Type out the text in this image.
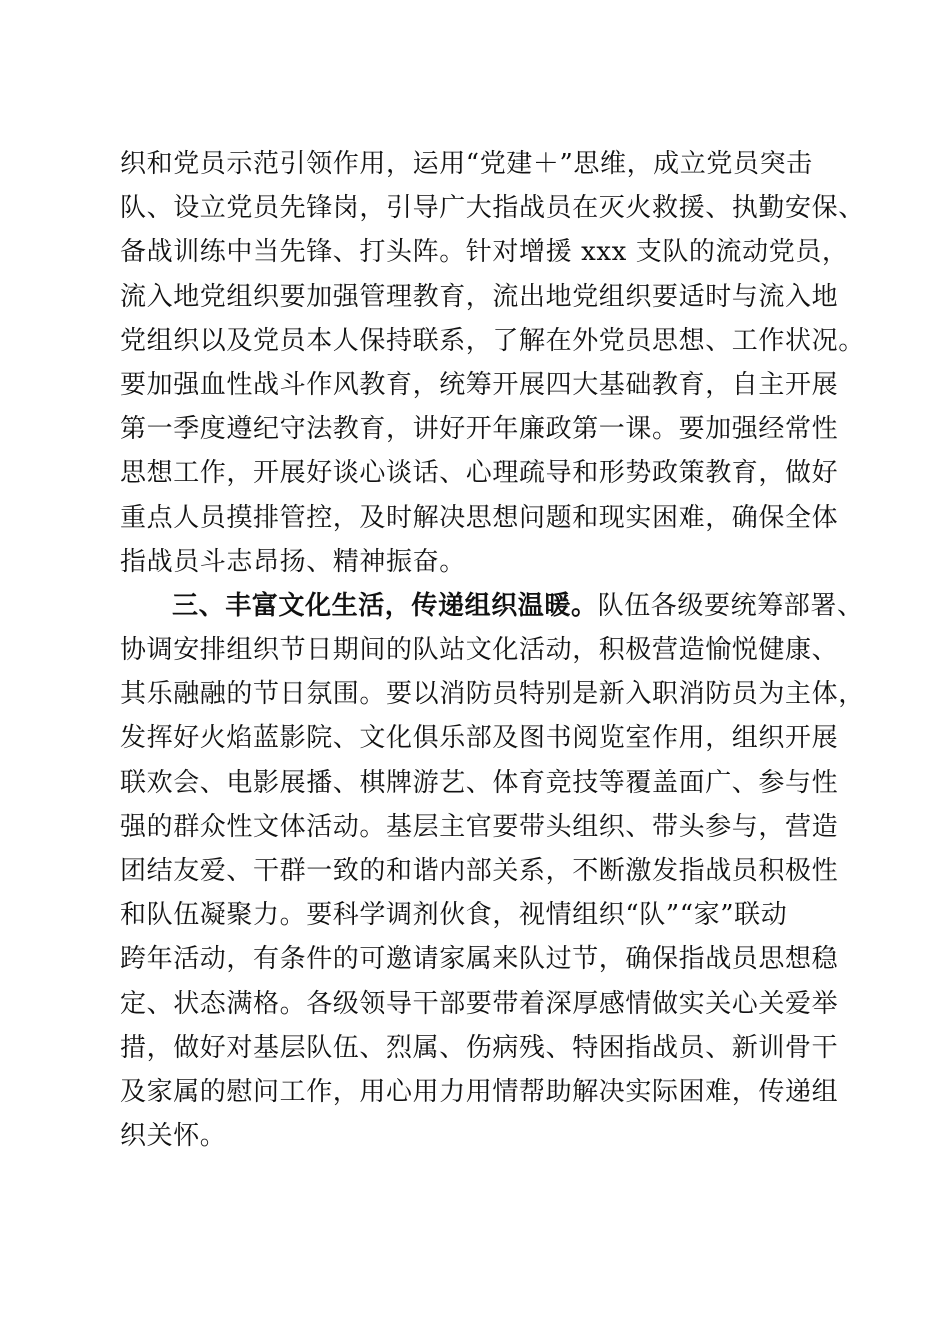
织和党员示范引领作用，运用“党建＋”思维，成立党员突击
队、设立党员先锋岗，引导广大指战员在灭火救援、执勤安保、
备战训练中当先锋、打头阵。针对增援 xxx 支队的流动党员，
流入地党组织要加强管理教育，流出地党组织要适时与流入地
党组织以及党员本人保持联系，了解在外党员思想、工作状况。
要加强血性战斗作风教育，统筹开展四大基础教育，自主开展
第一季度遵纪守法教育，讲好开年廉政第一课。要加强经常性
思想工作，开展好谈心谈话、心理疏导和形势政策教育，做好
重点人员摸排管控，及时解决思想问题和现实困难，确保全体
指战员斗志昂扬、精神振奋。
三、丰富文化生活，传递组织温暖。队伍各级要统筹部署、
协调安排组织节日期间的队站文化活动，积极营造愉悦健康、
其乐融融的节日氛围。要以消防员特别是新入职消防员为主体，
发挥好火焰蓝影院、文化俱乐部及图书阅览室作用，组织开展
联欢会、电影展播、棋牌游艺、体育竞技等覆盖面广、参与性
强的群众性文体活动。基层主官要带头组织、带头参与，营造
团结友爱、干群一致的和谐内部关系，不断激发指战员积极性
和队伍凝聚力。要科学调剂伙食，视情组织“队”“家”联动
跨年活动，有条件的可邀请家属来队过节，确保指战员思想稳
定、状态满格。各级领导干部要带着深厚感情做实关心关爱举
措，做好对基层队伍、烈属、伤病残、特困指战员、新训骨干
及家属的慰问工作，用心用力用情帮助解决实际困难，传递组
织关怀。
